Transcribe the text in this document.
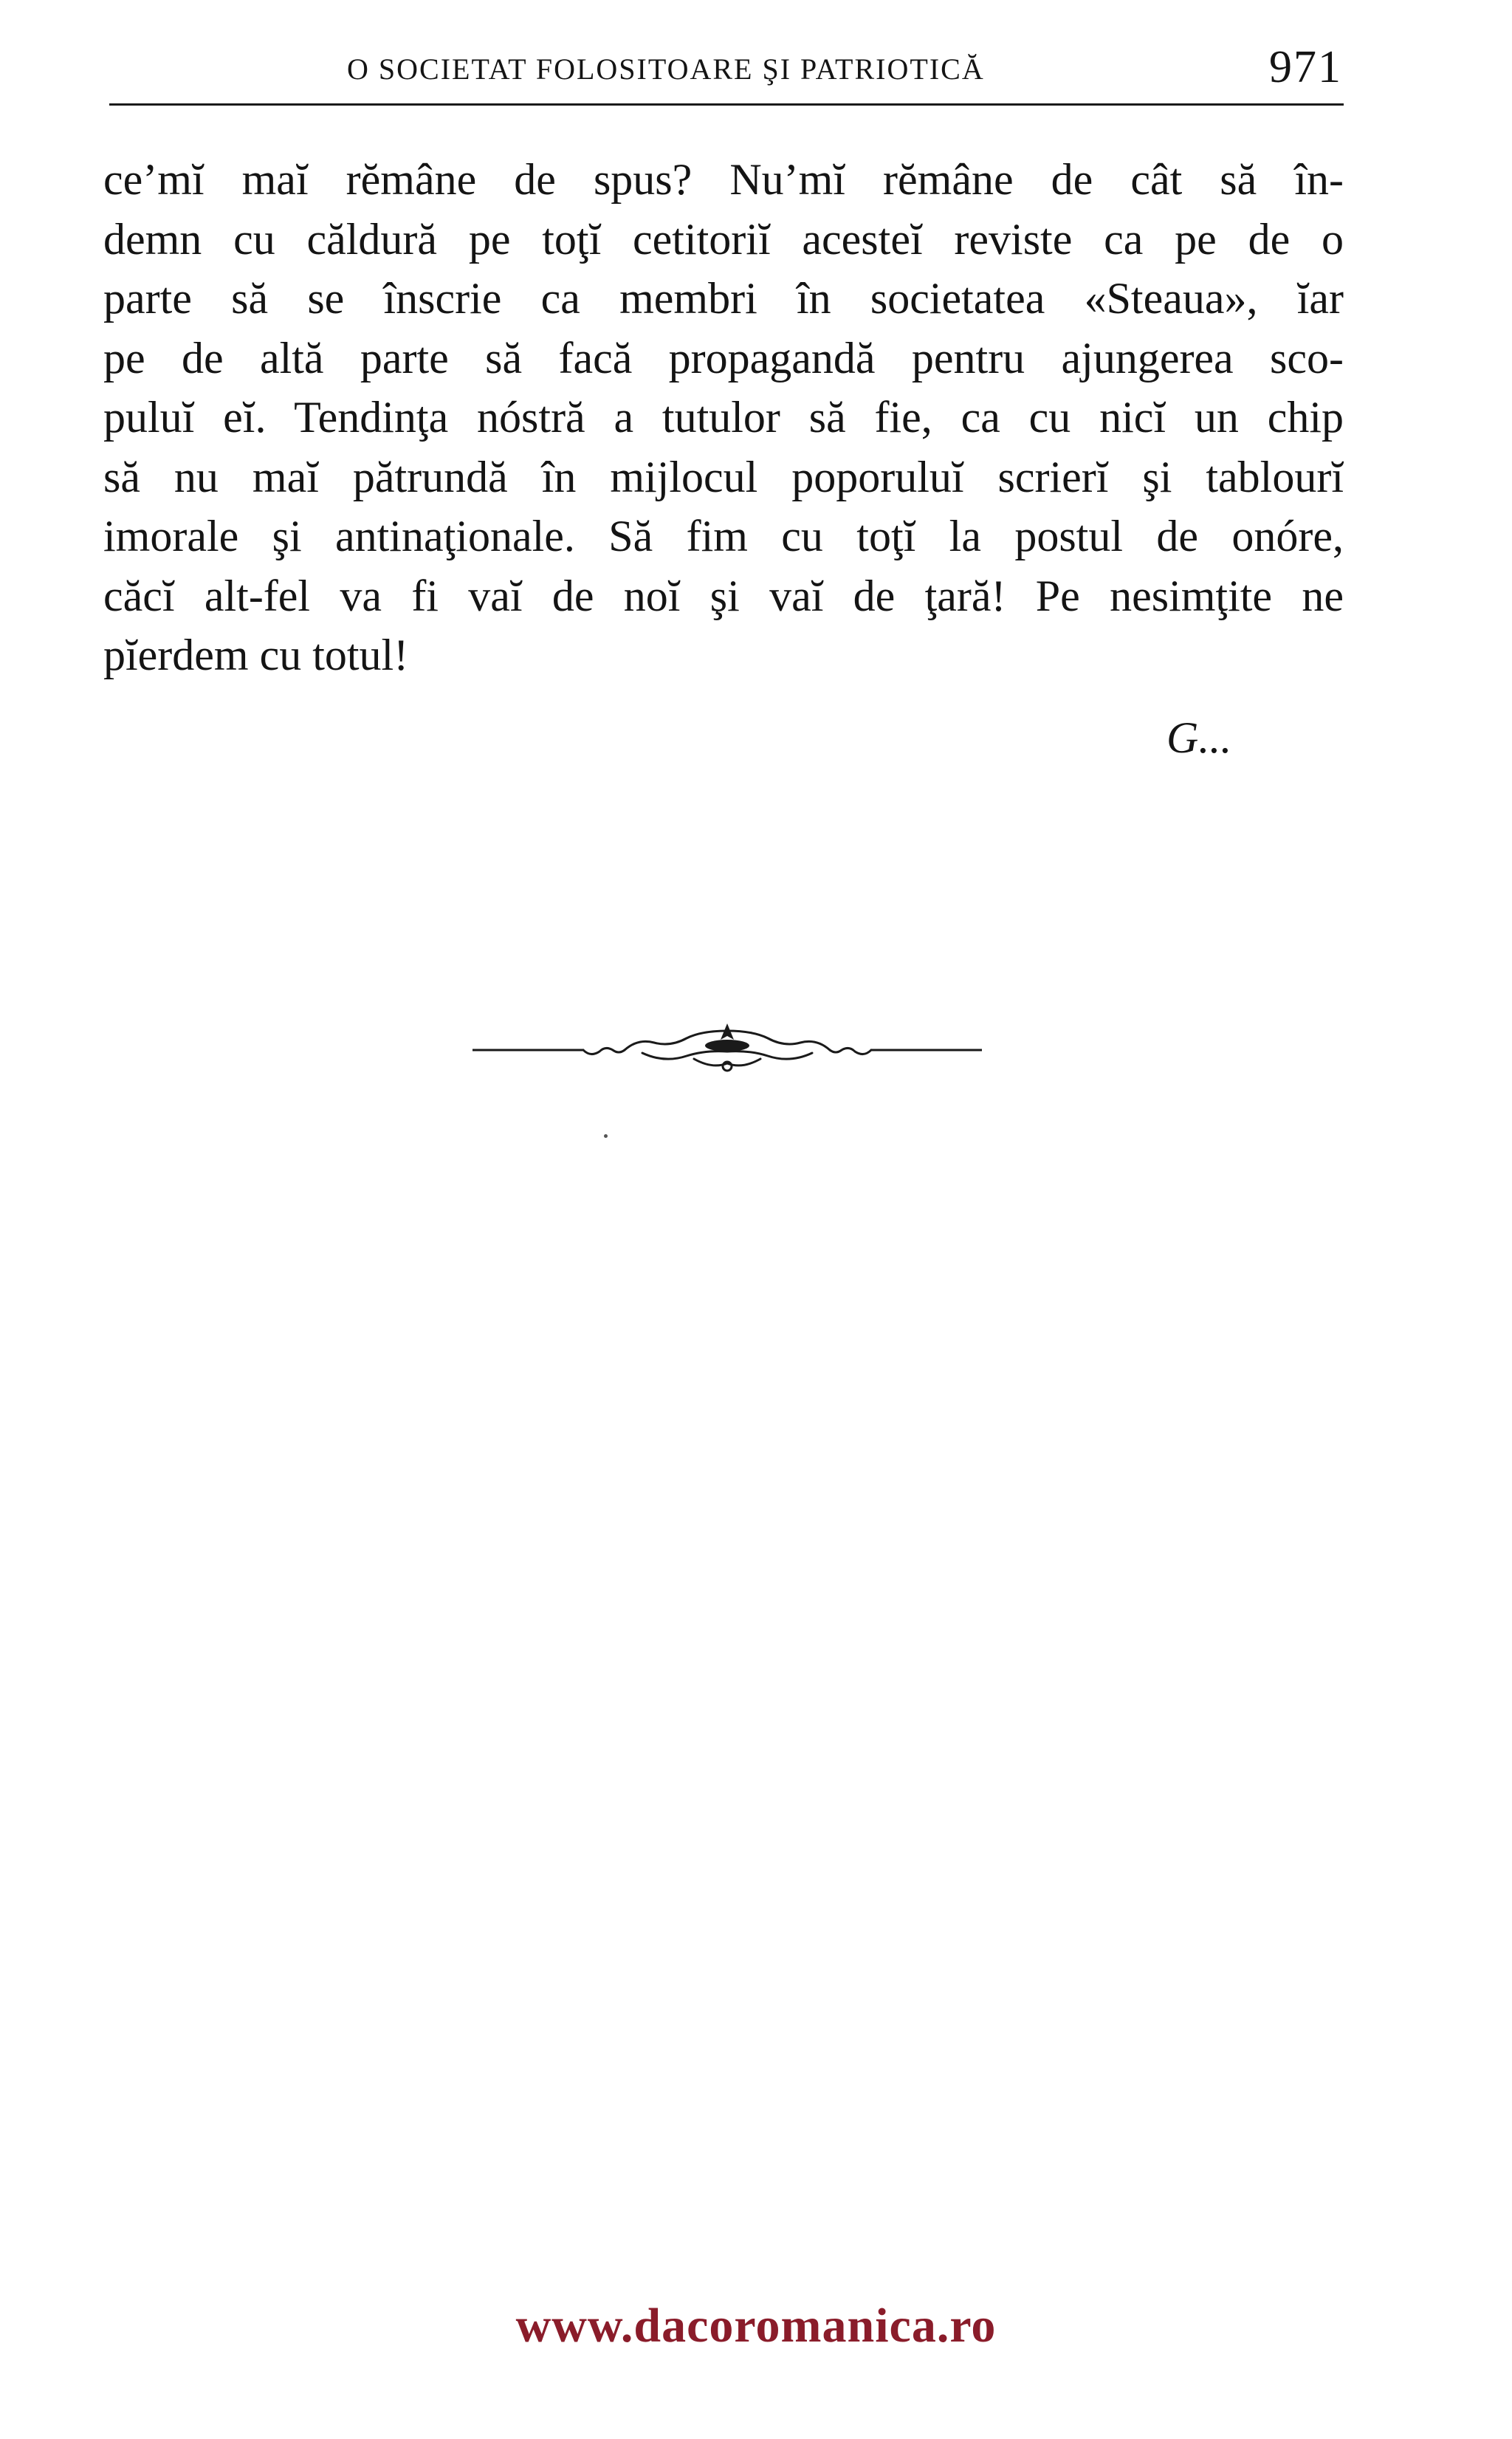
O SOCIETAT FOLOSITOARE ŞI PATRIOTICĂ	971
ce’mĭ maĭ rĕmâne de spus? Nu’mĭ rĕmâne de cât să în-
demn cu căldură pe toţĭ cetitoriĭ acesteĭ reviste ca pe de o
parte să se înscrie ca membri în societatea «Steaua», ĭar
pe de altă parte să facă propagandă pentru ajungerea sco-
puluĭ eĭ. Tendinţa nóstră a tutulor să fie, ca cu nicĭ un chip
să nu maĭ pătrundă în mijlocul poporuluĭ scrierĭ şi tablourĭ
imorale şi antinaţionale. Să fim cu toţĭ la postul de onóre,
căcĭ alt-fel va fi vaĭ de noĭ şi vaĭ de ţară! Pe nesimţite ne
pĭerdem cu totul!
G...
www.dacoromanica.ro
